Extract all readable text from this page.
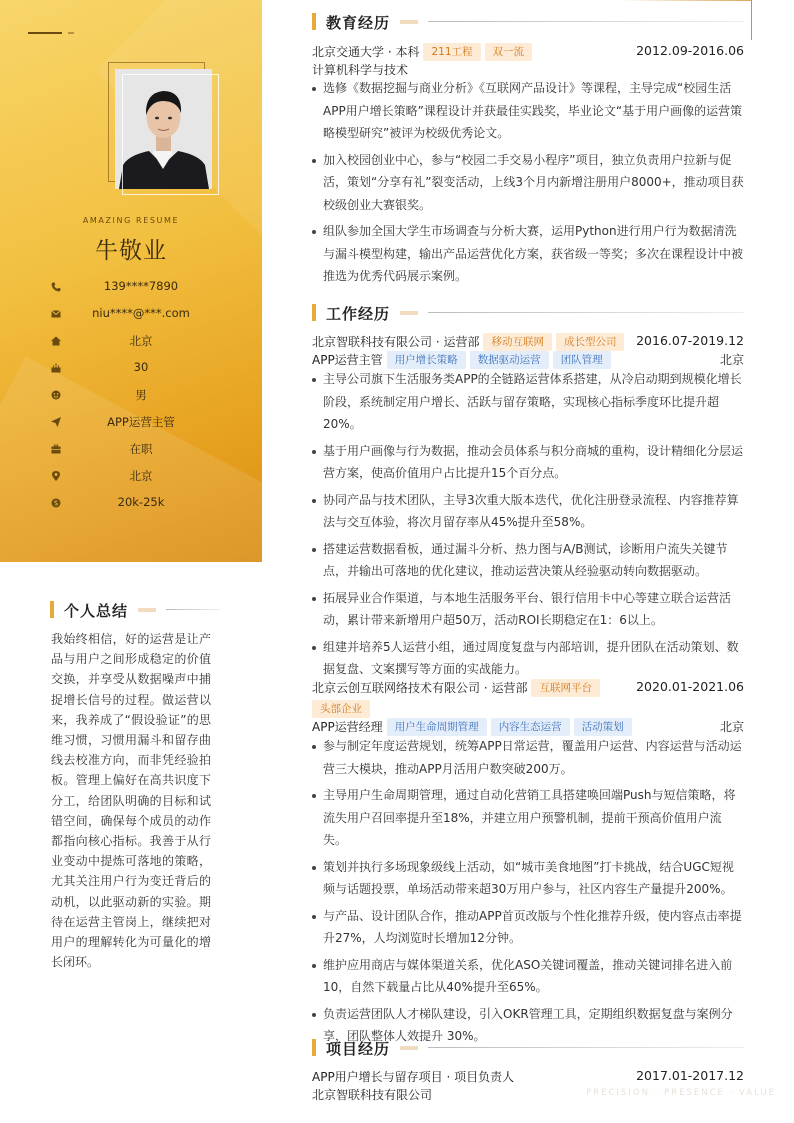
AMAZING RESUME
牛敬业
139****7890
niu****@***.com
北京
30
男
APP运营主管
在职
北京
20k-25k
个人总结
我始终相信，好的运营是让产品与用户之间形成稳定的价值交换，并享受从数据噪声中捕捉增长信号的过程。做运营以来，我养成了“假设验证”的思维习惯，习惯用漏斗和留存曲线去校准方向，而非凭经验拍板。管理上偏好在高共识度下分工，给团队明确的目标和试错空间，确保每个成员的动作都指向核心指标。我善于从行业变动中提炼可落地的策略，尤其关注用户行为变迁背后的动机，以此驱动新的实验。期待在运营主管岗上，继续把对用户的理解转化为可量化的增长闭环。
教育经历
北京交通大学 · 本科 211工程 双一流	2012.09-2016.06
计算机科学与技术
选修《数据挖掘与商业分析》《互联网产品设计》等课程，主导完成“校园生活APP用户增长策略”课程设计并获最佳实践奖，毕业论文“基于用户画像的运营策略模型研究”被评为校级优秀论文。
加入校园创业中心，参与“校园二手交易小程序”项目，独立负责用户拉新与促活，策划“分享有礼”裂变活动，上线3个月内新增注册用户8000+，推动项目获校级创业大赛银奖。
组队参加全国大学生市场调查与分析大赛，运用Python进行用户行为数据清洗与漏斗模型构建，输出产品运营优化方案，获省级一等奖；多次在课程设计中被推选为优秀代码展示案例。
工作经历
北京智联科技有限公司 · 运营部 移动互联网 成长型公司	2016.07-2019.12
APP运营主管 用户增长策略 数据驱动运营 团队管理	北京
主导公司旗下生活服务类APP的全链路运营体系搭建，从冷启动期到规模化增长阶段，系统制定用户增长、活跃与留存策略，实现核心指标季度环比提升超20%。
基于用户画像与行为数据，推动会员体系与积分商城的重构，设计精细化分层运营方案，使高价值用户占比提升15个百分点。
协同产品与技术团队，主导3次重大版本迭代，优化注册登录流程、内容推荐算法与交互体验，将次月留存率从45%提升至58%。
搭建运营数据看板，通过漏斗分析、热力图与A/B测试，诊断用户流失关键节点，并输出可落地的优化建议，推动运营决策从经验驱动转向数据驱动。
拓展异业合作渠道，与本地生活服务平台、银行信用卡中心等建立联合运营活动，累计带来新增用户超50万，活动ROI长期稳定在1：6以上。
组建并培养5人运营小组，通过周度复盘与内部培训，提升团队在活动策划、数据复盘、文案撰写等方面的实战能力。
北京云创互联网络技术有限公司 · 运营部 互联网平台	2020.01-2021.06
头部企业
APP运营经理 用户生命周期管理 内容生态运营 活动策划	北京
参与制定年度运营规划，统筹APP日常运营，覆盖用户运营、内容运营与活动运营三大模块，推动APP月活用户数突破200万。
主导用户生命周期管理，通过自动化营销工具搭建唤回端Push与短信策略，将流失用户召回率提升至18%，并建立用户预警机制，提前干预高价值用户流失。
策划并执行多场现象级线上活动，如“城市美食地图”打卡挑战，结合UGC短视频与话题投票，单场活动带来超30万用户参与，社区内容生产量提升200%。
与产品、设计团队合作，推动APP首页改版与个性化推荐升级，使内容点击率提升27%，人均浏览时长增加12分钟。
维护应用商店与媒体渠道关系，优化ASO关键词覆盖，推动关键词排名进入前10，自然下载量占比从40%提升至65%。
负责运营团队人才梯队建设，引入OKR管理工具，定期组织数据复盘与案例分享，团队整体人效提升 30%。
项目经历
APP用户增长与留存项目 · 项目负责人	2017.01-2017.12
北京智联科技有限公司	PRECISION · PRESENCE · VALUE
